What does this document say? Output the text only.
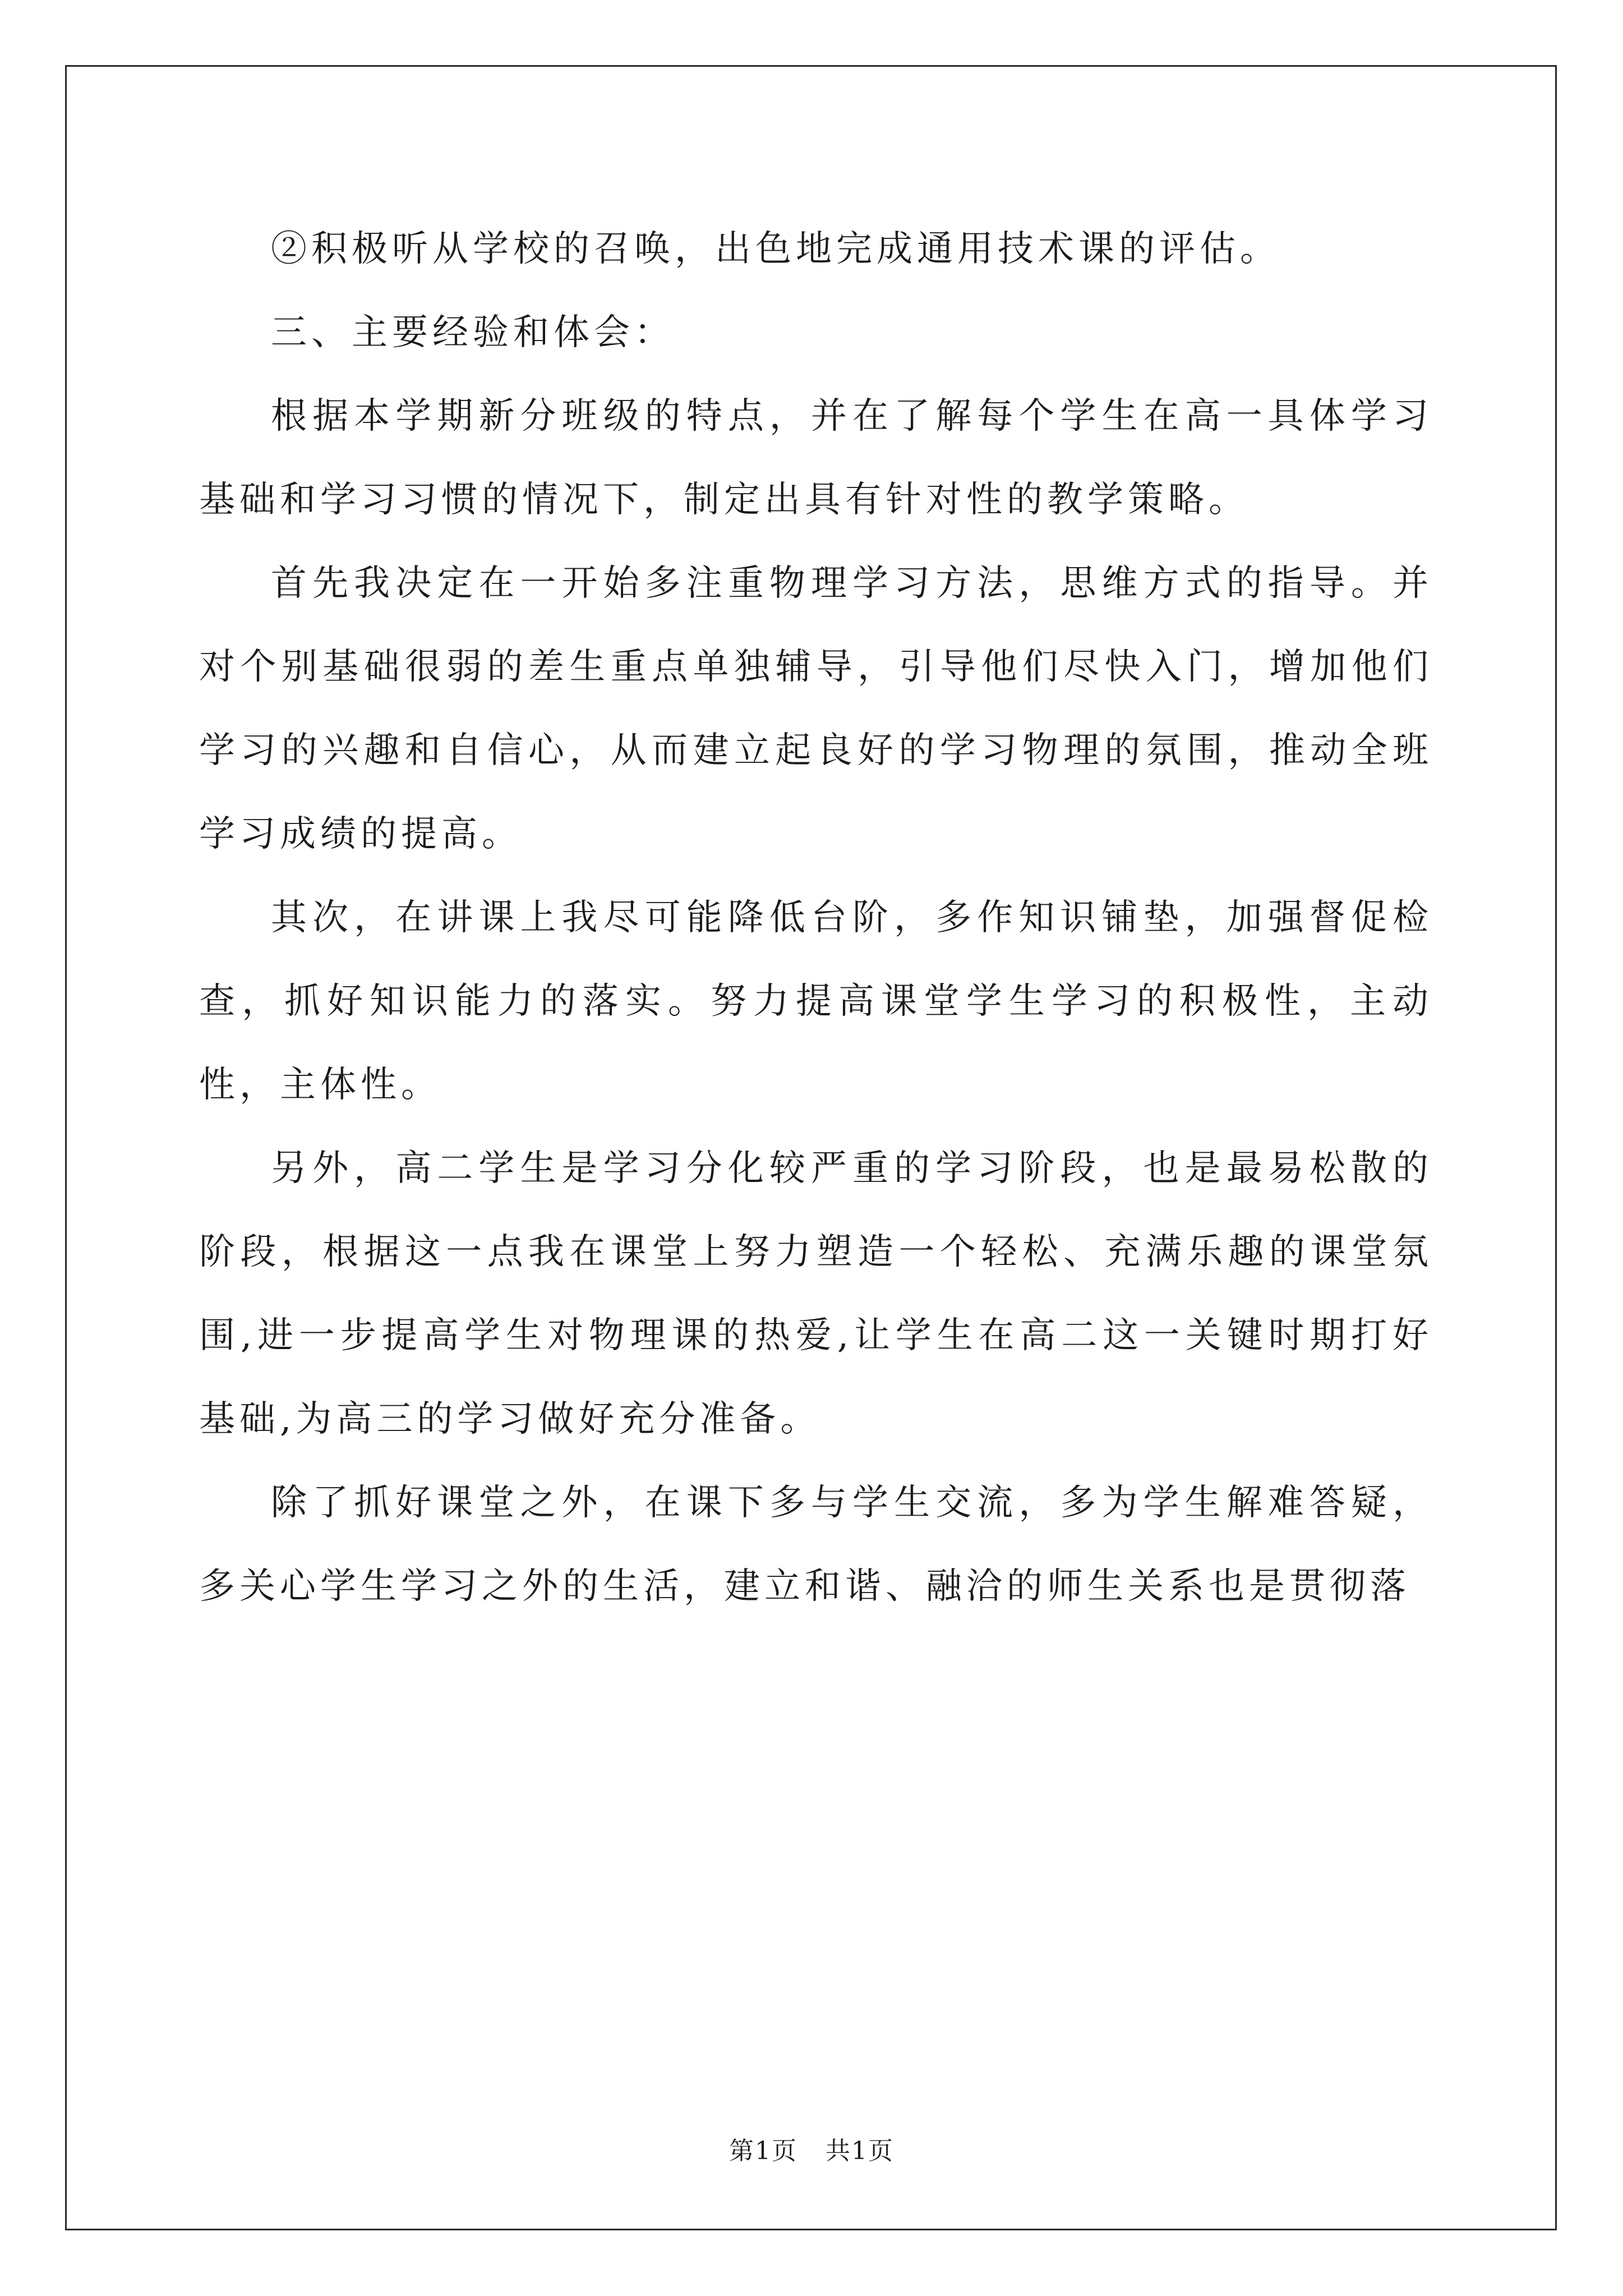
②积极听从学校的召唤，出色地完成通用技术课的评估。

三、主要经验和体会：

根据本学期新分班级的特点，并在了解每个学生在高一具体学习基础和学习习惯的情况下，制定出具有针对性的教学策略。

首先我决定在一开始多注重物理学习方法，思维方式的指导。并对个别基础很弱的差生重点单独辅导，引导他们尽快入门，增加他们学习的兴趣和自信心，从而建立起良好的学习物理的氛围，推动全班学习成绩的提高。

其次，在讲课上我尽可能降低台阶，多作知识铺垫，加强督促检查，抓好知识能力的落实。努力提高课堂学生学习的积极性，主动性，主体性。

另外，高二学生是学习分化较严重的学习阶段，也是最易松散的阶段，根据这一点我在课堂上努力塑造一个轻松、充满乐趣的课堂氛围,进一步提高学生对物理课的热爱,让学生在高二这一关键时期打好基础,为高三的学习做好充分准备。

除了抓好课堂之外，在课下多与学生交流，多为学生解难答疑，多关心学生学习之外的生活，建立和谐、融洽的师生关系也是贯彻落

第1页 共1页
